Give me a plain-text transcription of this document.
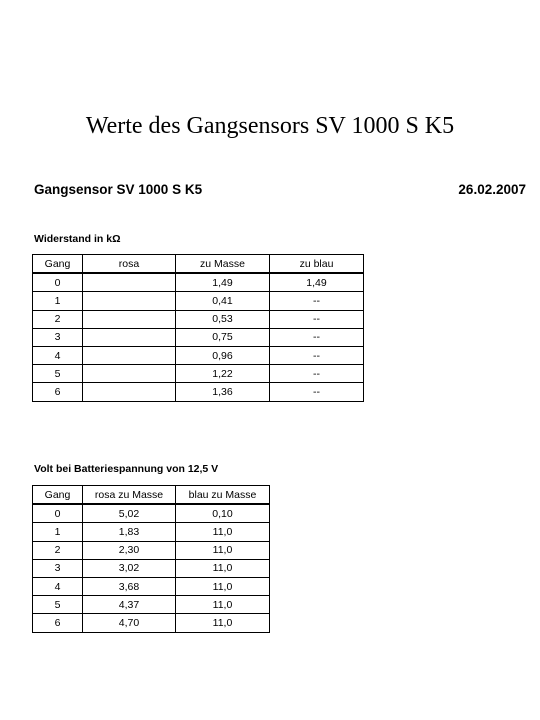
Werte des Gangsensors SV 1000 S K5
Gangsensor SV 1000 S K5	26.02.2007
Widerstand in kΩ
Gang	rosa	zu Masse	zu blau
0		1,49	1,49
1		0,41	--
2		0,53	--
3		0,75	--
4		0,96	--
5		1,22	--
6		1,36	--
Volt bei Batteriespannung von 12,5 V
Gang	rosa zu Masse	blau zu Masse
0	5,02	0,10
1	1,83	11,0
2	2,30	11,0
3	3,02	11,0
4	3,68	11,0
5	4,37	11,0
6	4,70	11,0
